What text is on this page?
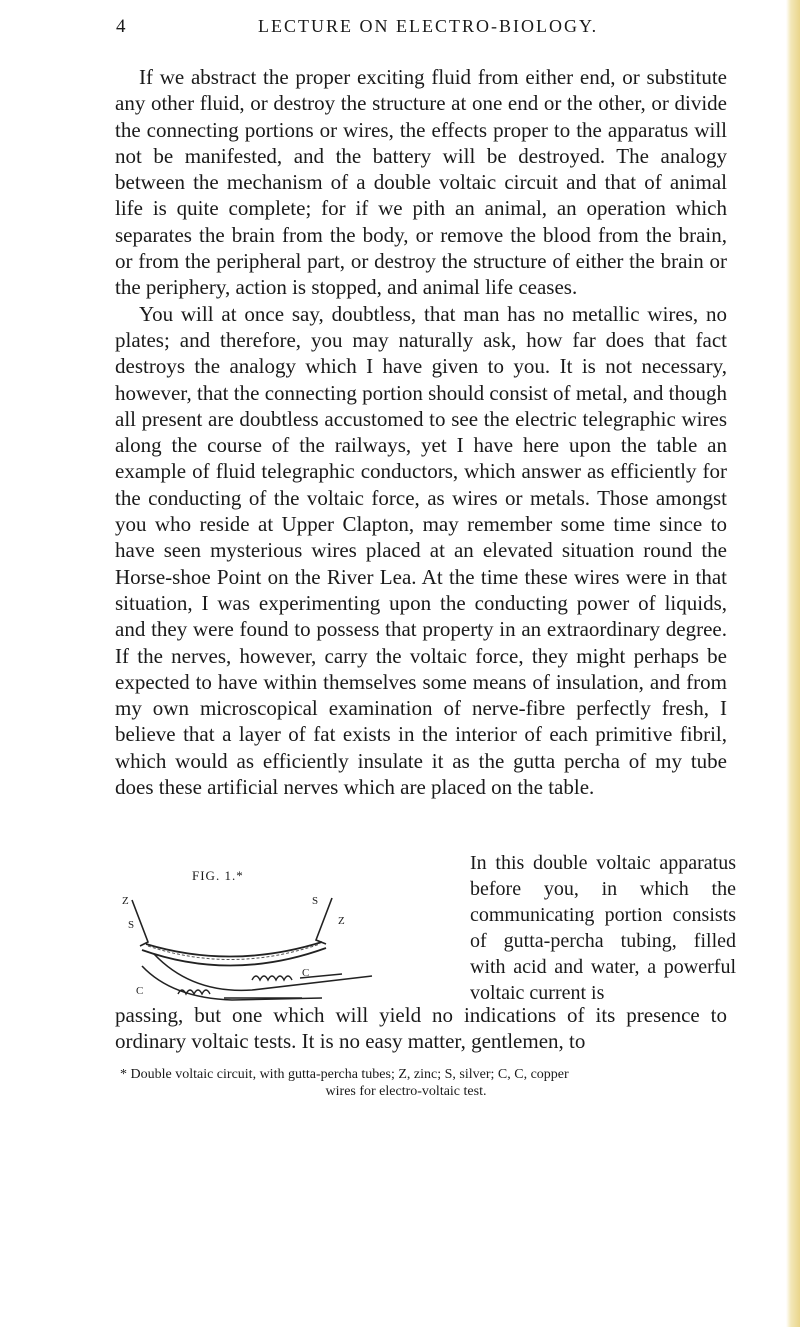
4	LECTURE ON ELECTRO-BIOLOGY.

If we abstract the proper exciting fluid from either end, or substitute any other fluid, or destroy the structure at one end or the other, or divide the connecting portions or wires, the effects proper to the apparatus will not be manifested, and the battery will be destroyed. The analogy between the mechanism of a double voltaic circuit and that of animal life is quite complete; for if we pith an animal, an operation which separates the brain from the body, or remove the blood from the brain, or from the peripheral part, or destroy the structure of either the brain or the periphery, action is stopped, and animal life ceases.

You will at once say, doubtless, that man has no metallic wires, no plates; and therefore, you may naturally ask, how far does that fact destroys the analogy which I have given to you. It is not necessary, however, that the connecting portion should consist of metal, and though all present are doubtless accustomed to see the electric telegraphic wires along the course of the railways, yet I have here upon the table an example of fluid telegraphic conductors, which answer as efficiently for the conducting of the voltaic force, as wires or metals. Those amongst you who reside at Upper Clapton, may remember some time since to have seen mysterious wires placed at an elevated situation round the Horse-shoe Point on the River Lea. At the time these wires were in that situation, I was experimenting upon the conducting power of liquids, and they were found to possess that property in an extraordinary degree. If the nerves, however, carry the voltaic force, they might perhaps be expected to have within themselves some means of insulation, and from my own microscopical examination of nerve-fibre perfectly fresh, I believe that a layer of fat exists in the interior of each primitive fibril, which would as efficiently insulate it as the gutta percha of my tube does these artificial nerves which are placed on the table.

FIG. 1.*
Z
S
S
Z
C
C
In this double voltaic apparatus before you, in which the communicating portion consists of gutta-percha tubing, filled with acid and water, a powerful voltaic current is
passing, but one which will yield no indications of its presence to ordinary voltaic tests. It is no easy matter, gentlemen, to
* Double voltaic circuit, with gutta-percha tubes; Z, zinc; S, silver; C, C, copper
wires for electro-voltaic test.
